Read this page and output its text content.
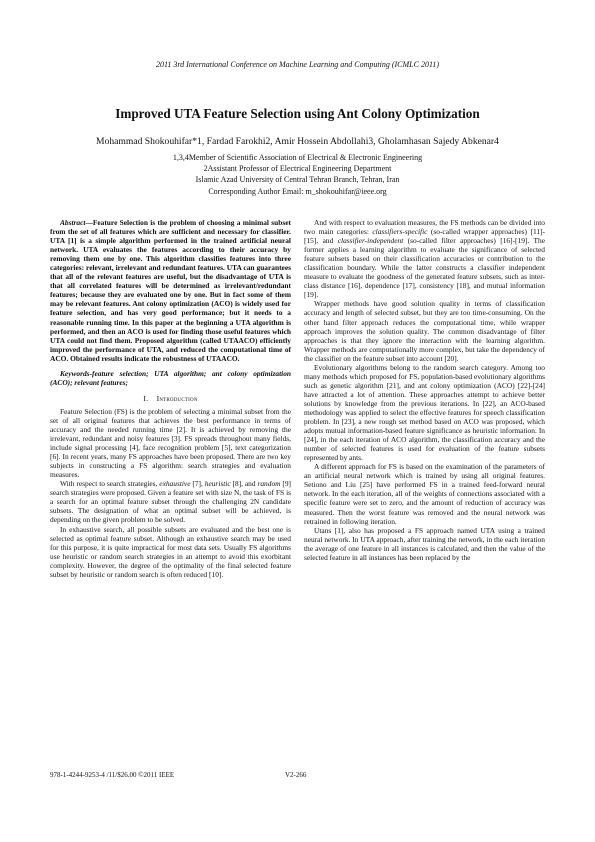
2011 3rd International Conference on Machine Learning and Computing (ICMLC 2011)
Improved UTA Feature Selection using Ant Colony Optimization
Mohammad Shokouhifar*1, Fardad Farokhi2, Amir Hossein Abdollahi3, Gholamhasan Sajedy Abkenar4
1,3,4Member of Scientific Association of Electrical & Electronic Engineering
2Assistant Professor of Electrical Engineering Department
Islamic Azad University of Central Tehran Branch, Tehran, Iran
Corresponding Author Email: m_shokouhifar@ieee.org

Abstract—Feature Selection is the problem of choosing a minimal subset from the set of all features which are sufficient and necessary for classifier. UTA [1] is a simple algorithm performed in the trained artificial neural network. UTA evaluates the features according to their accuracy by removing them one by one. This algorithm classifies features into three categories: relevant, irrelevant and redundant features. UTA can guarantees that all of the relevant features are useful, but the disadvantage of UTA is that all correlated features will be determined as irrelevant/redundant features; because they are evaluated one by one. But in fact some of them may be relevant features. Ant colony optimization (ACO) is widely used for feature selection, and has very good performance; but it needs to a reasonable running time. In this paper at the beginning a UTA algorithm is performed, and then an ACO is used for finding those useful features which UTA could not find them. Proposed algorithm (called UTAACO) efficiently improved the performance of UTA, and reduced the computational time of ACO. Obtained results indicate the robustness of UTAACO.

Keywords-feature selection; UTA algorithm; ant colony optimization (ACO); relevant features;

I. Introduction

Feature Selection (FS) is the problem of selecting a minimal subset from the set of all original features that achieves the best performance in terms of accuracy and the needed running time [2]. It is achieved by removing the irrelevant, redundant and noisy features [3]. FS spreads throughout many fields, include signal processing [4], face recognition problem [5], text categorization [6]. In recent years, many FS approaches have been proposed. There are two key subjects in constructing a FS algorithm: search strategies and evaluation measures.

With respect to search strategies, exhaustive [7], heuristic [8], and random [9] search strategies were proposed. Given a feature set with size N, the task of FS is a search for an optimal feature subset through the challenging 2N candidate subsets. The designation of what an optimal subset will be achieved, is depending on the given problem to be solved.

In exhaustive search, all possible subsets are evaluated and the best one is selected as optimal feature subset. Although an exhaustive search may be used for this purpose, it is quite impractical for most data sets. Usually FS algorithms use heuristic or random search strategies in an attempt to avoid this exorbitant complexity. However, the degree of the optimality of the final selected feature subset by heuristic or random search is often reduced [10].

And with respect to evaluation measures, the FS methods can be divided into two main categories: classifiers-specific (so-called wrapper approaches) [11]-[15], and classifier-independent (so-called filter approaches) [16]-[19]. The former applies a learning algorithm to evaluate the significance of selected feature subsets based on their classification accuracies or contribution to the classification boundary. While the latter constructs a classifier independent measure to evaluate the goodness of the generated feature subsets, such as inter-class distance [16], dependence [17], consistency [18], and mutual information [19].

Wrapper methods have good solution quality in terms of classification accuracy and length of selected subset, but they are too time-consuming. On the other hand filter approach reduces the computational time, while wrapper approach improves the solution quality. The common disadvantage of filter approaches is that they ignore the interaction with the learning algorithm. Wrapper methods are computationally more complex, but take the dependency of the classifier on the feature subset into account [20].

Evolutionary algorithms belong to the random search category. Among too many methods which proposed for FS, population-based evolutionary algorithms such as genetic algorithm [21], and ant colony optimization (ACO) [22]-[24] have attracted a lot of attention. These approaches attempt to achieve better solutions by knowledge from the previous iterations. In [22], an ACO-based methodology was applied to select the effective features for speech classification problem. In [23], a new rough set method based on ACO was proposed, which adopts mutual information-based feature significance as heuristic information. In [24], in the each iteration of ACO algorithm, the classification accuracy and the number of selected features is used for evaluation of the feature subsets represented by ants.

A different approach for FS is based on the examination of the parameters of an artificial neural network which is trained by using all original features. Setiono and Liu [25] have performed FS in a trained feed-forward neural network. In the each iteration, all of the weights of connections associated with a specific feature were set to zero, and the amount of reduction of accuracy was measured. Then the worst feature was removed and the neural network was retrained in following iteration.

Utans [1], also has proposed a FS approach named UTA using a trained neural network. In UTA approach, after training the network, in the each iteration the average of one feature in all instances is calculated, and then the value of the selected feature in all instances has been replaced by the

978-1-4244-9253-4 /11/$26.00 ©2011 IEEE	V2-266
